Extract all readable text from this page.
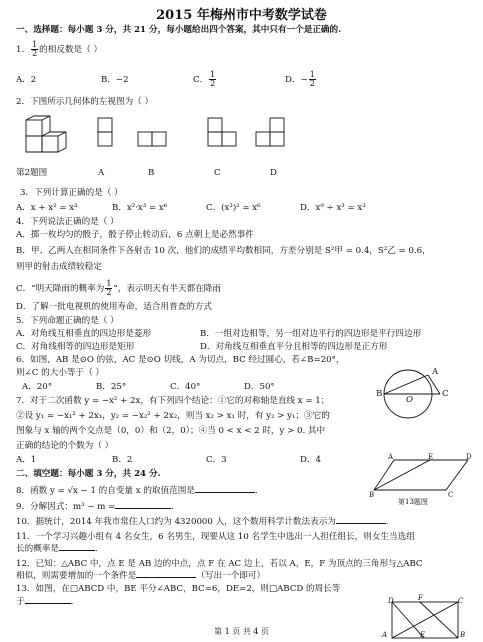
2015 年梅州市中考数学试卷
一、选择题：每小题 3 分，共 21 分，每小题给出四个答案，其中只有一个是正确的.
1． $\frac{1}{2}$ 的相反数是（ ）
A．2	B．−2	C． $\frac{1}{2}$	D．− $\frac{1}{2}$
2．下图所示几何体的左视图为（ ）
第2题图	A	B	C	D
3．下列计算正确的是（ ）
A．x + x² = x³	B．x²·x³ = x⁶	C．(x³)² = x⁶	D．x⁹ ÷ x³ = x³
4．下列说法正确的是（ ）
A．掷一枚均匀的骰子，骰子停止转动后，6 点朝上是必然事件
B．甲、乙两人在相同条件下各射击 10 次，他们的成绩平均数相同，方差分别是 S²甲 = 0.4，S²乙 = 0.6，
则甲的射击成绩较稳定
C．“明天降雨的概率为 $\frac{1}{2}$ ”，表示明天有半天都在降雨
D．了解一批电视机的使用寿命，适合用普查的方式
5．下列命题正确的是（ ）
A．对角线互相垂直的四边形是菱形	B．一组对边相等，另一组对边平行的四边形是平行四边形
C．对角线相等的四边形是矩形	D．对角线互相垂直平分且相等的四边形是正方形
6．如图，AB 是⊙O 的弦，AC 是⊙O 切线，A 为切点，BC 经过圆心，若∠B=20°，
则∠C 的大小等于（ ）
A．20°	B．25°	C．40°	D．50°
A
B	C
O
7．对于二次函数 y = −x² + 2x，有下列四个结论：①它的对称轴是直线 x = 1；
②设 y₁ = −x₁² + 2x₁，y₂ = −x₂² + 2x₂，则当 x₂ > x₁ 时，有 y₂ > y₁；③它的
图象与 x 轴的两个交点是（0，0）和（2，0）；④当 0 < x < 2 时，y > 0. 其中
正确的结论的个数为（ ）
A．1	B．2	C．3	D．4
二、填空题：每小题 3 分，共 24 分.
A	E	D
B	C
第13题图
8．函数 y = √x − 1 的自变量 x 的取值范围是	.
9．分解因式：m³ − m =	.
10．据统计，2014 年我市常住人口约为 4320000 人，这个数用科学计数法表示为	.
11．一个学习兴趣小组有 4 名女生，6 名男生，现要从这 10 名学生中选出一人担任组长，则女生当选组
长的概率是	.
12．已知：△ABC 中，点 E 是 AB 边的中点，点 F 在 AC 边上，若以 A，E，F 为顶点的三角形与△ABC
相似，则需要增加的一个条件是	（写出一个即可）
13．如图，在□ABCD 中，BE 平分∠ABC，BC=6，DE=2，则□ABCD 的周长等
于	.	D	F	C
A	E	B
第 1 页 共 4 页
